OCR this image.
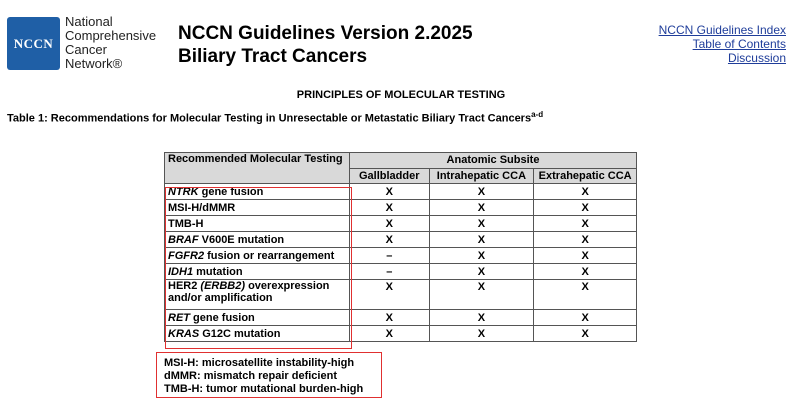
NCCN
National
Comprehensive
Cancer
Network®
NCCN Guidelines Version 2.2025
Biliary Tract Cancers
NCCN Guidelines Index
Table of Contents
Discussion
PRINCIPLES OF MOLECULAR TESTING
Table 1: Recommendations for Molecular Testing in Unresectable or Metastatic Biliary Tract Cancers$^{a-d}$
Recommended Molecular Testing	Anatomic Subsite		
	Gallbladder	Intrahepatic CCA	Extrahepatic CCA
NTRK gene fusion	X	X	X
MSI-H/dMMR	X	X	X
TMB-H	X	X	X
BRAF V600E mutation	X	X	X
FGFR2 fusion or rearrangement	–	X	X
IDH1 mutation	–	X	X
HER2 (ERBB2) overexpression and/or amplification	X	X	X
RET gene fusion	X	X	X
KRAS G12C mutation	X	X	X
MSI-H: microsatellite instability-high
dMMR: mismatch repair deficient
TMB-H: tumor mutational burden-high
